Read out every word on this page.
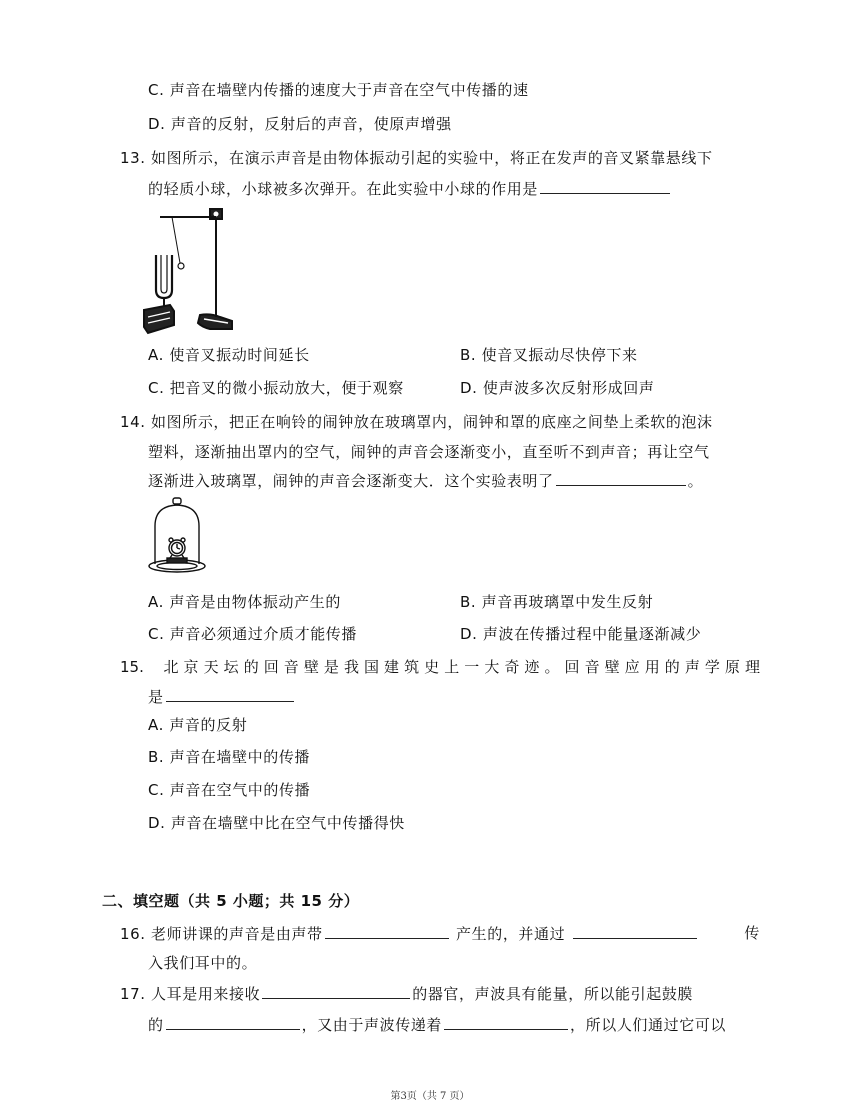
C. 声音在墙壁内传播的速度大于声音在空气中传播的速
D. 声音的反射，反射后的声音，使原声增强
13. 如图所示，在演示声音是由物体振动引起的实验中，将正在发声的音叉紧靠悬线下
的轻质小球，小球被多次弹开。在此实验中小球的作用是
A. 使音叉振动时间延长	B. 使音叉振动尽快停下来
C. 把音叉的微小振动放大，便于观察	D. 使声波多次反射形成回声
14. 如图所示，把正在响铃的闹钟放在玻璃罩内，闹钟和罩的底座之间垫上柔软的泡沫
塑料，逐渐抽出罩内的空气，闹钟的声音会逐渐变小，直至听不到声音；再让空气
逐渐进入玻璃罩，闹钟的声音会逐渐变大．这个实验表明了	。
A. 声音是由物体振动产生的	B. 声音再玻璃罩中发生反射
C. 声音必须通过介质才能传播	D. 声波在传播过程中能量逐渐减少
15. 北京天坛的回音壁是我国建筑史上一大奇迹。回音壁应用的声学原理
是
A. 声音的反射
B. 声音在墙壁中的传播
C. 声音在空气中的传播
D. 声音在墙壁中比在空气中传播得快
二、填空题（共 5 小题；共 15 分）
16. 老师讲课的声音是由声带	产生的，并通过	传
入我们耳中的。
17. 人耳是用来接收	的器官，声波具有能量，所以能引起鼓膜
的	，又由于声波传递着	，所以人们通过它可以
第3页（共 7 页）
